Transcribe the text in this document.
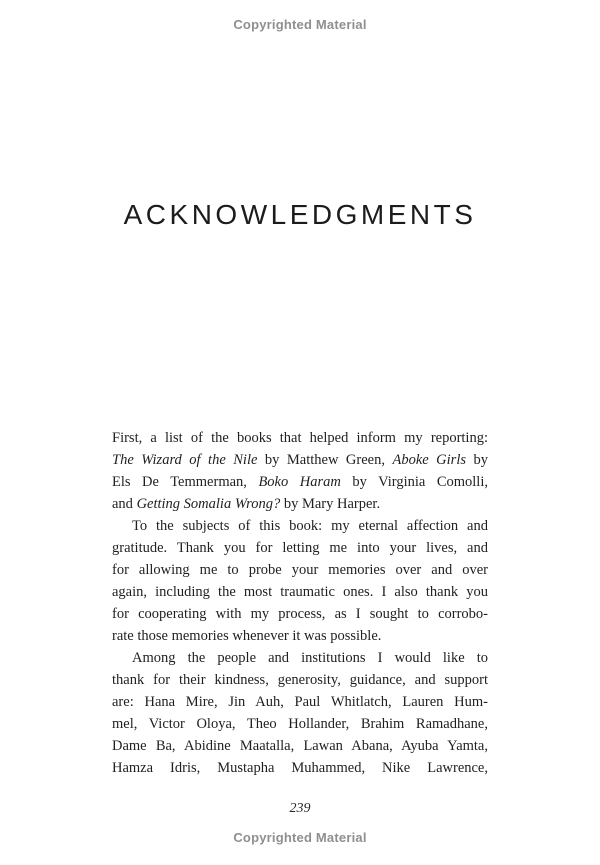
Copyrighted Material
ACKNOWLEDGMENTS
First, a list of the books that helped inform my reporting:
The Wizard of the Nile by Matthew Green, Aboke Girls by
Els De Temmerman, Boko Haram by Virginia Comolli,
and Getting Somalia Wrong? by Mary Harper.
To the subjects of this book: my eternal affection and
gratitude. Thank you for letting me into your lives, and
for allowing me to probe your memories over and over
again, including the most traumatic ones. I also thank you
for cooperating with my process, as I sought to corrobo-
rate those memories whenever it was possible.
Among the people and institutions I would like to
thank for their kindness, generosity, guidance, and support
are: Hana Mire, Jin Auh, Paul Whitlatch, Lauren Hum-
mel, Victor Oloya, Theo Hollander, Brahim Ramadhane,
Dame Ba, Abidine Maatalla, Lawan Abana, Ayuba Yamta,
Hamza Idris, Mustapha Muhammed, Nike Lawrence,
239
Copyrighted Material
